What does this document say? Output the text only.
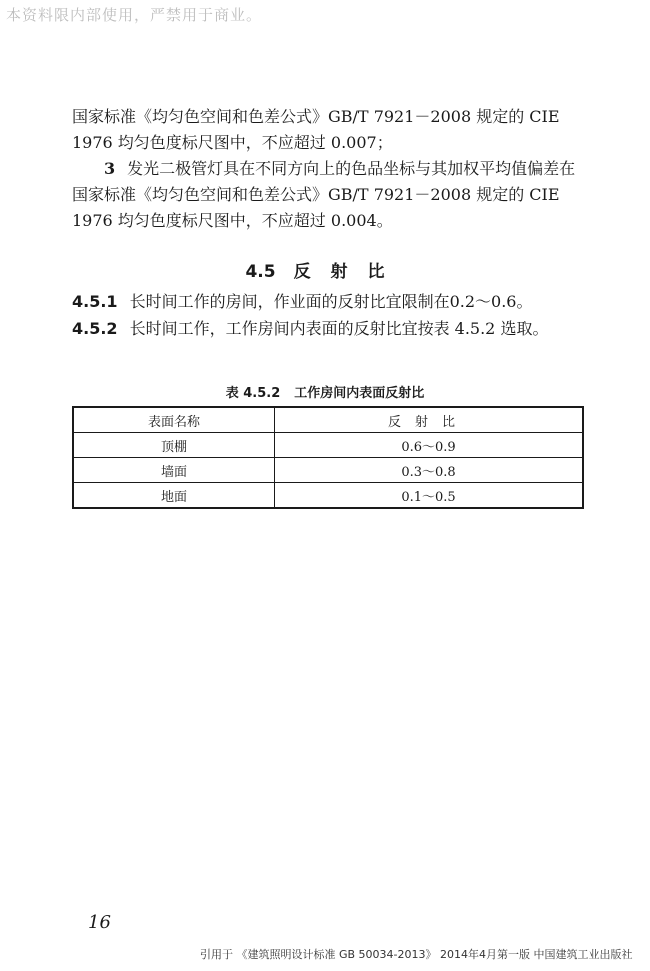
本资料限内部使用，严禁用于商业。

国家标准《均匀色空间和色差公式》GB/T 7921－2008 规定的 CIE 1976 均匀色度标尺图中，不应超过 0.007；

3 发光二极管灯具在不同方向上的色品坐标与其加权平均值偏差在国家标准《均匀色空间和色差公式》GB/T 7921－2008 规定的 CIE 1976 均匀色度标尺图中，不应超过 0.004。

4.5 反射比

4.5.1 长时间工作的房间，作业面的反射比宜限制在0.2～0.6。

4.5.2 长时间工作，工作房间内表面的反射比宜按表 4.5.2 选取。

表 4.5.2 工作房间内表面反射比
表面名称	反射比
顶棚	0.6～0.9
墙面	0.3～0.8
地面	0.1～0.5
16
引用于 《建筑照明设计标准 GB 50034-2013》 2014年4月第一版 中国建筑工业出版社
